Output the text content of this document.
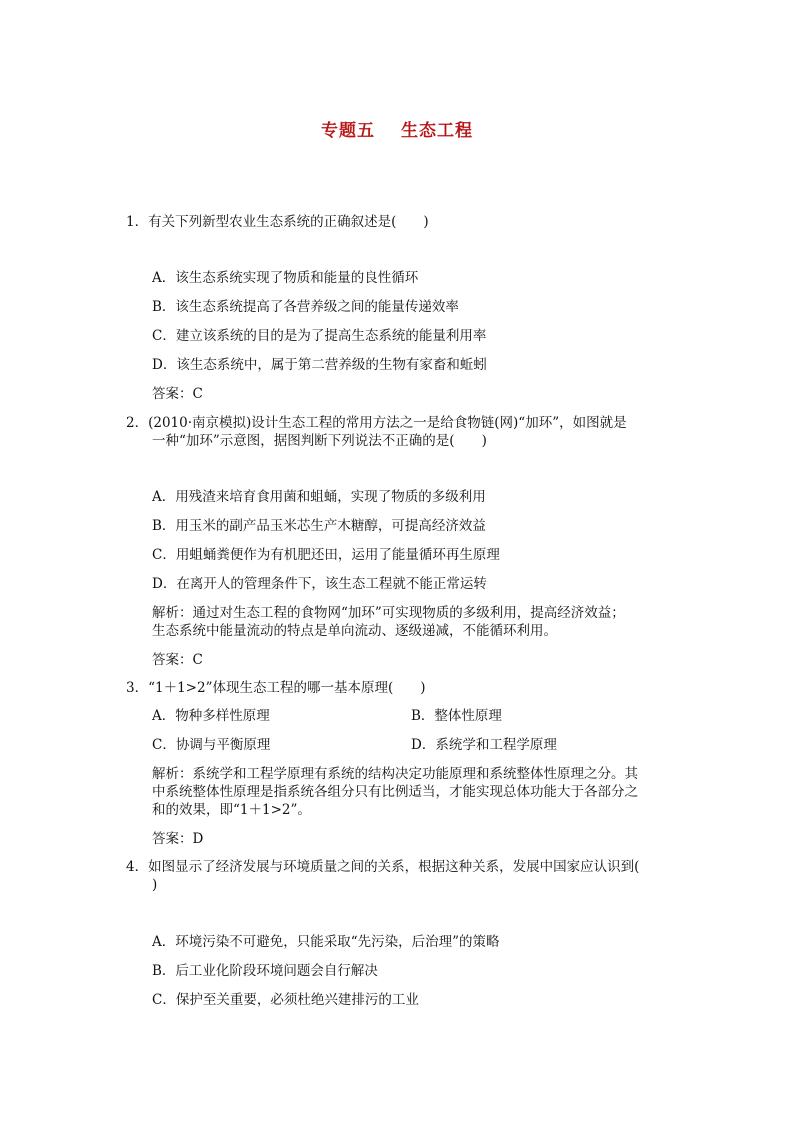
专题五 生态工程
1．有关下列新型农业生态系统的正确叙述是(　　)
A．该生态系统实现了物质和能量的良性循环
B．该生态系统提高了各营养级之间的能量传递效率
C．建立该系统的目的是为了提高生态系统的能量利用率
D．该生态系统中，属于第二营养级的生物有家畜和蚯蚓
答案：C
2．(2010·南京模拟)设计生态工程的常用方法之一是给食物链(网)“加环”，如图就是
一种“加环”示意图，据图判断下列说法不正确的是(　　)
A．用残渣来培育食用菌和蛆蛹，实现了物质的多级利用
B．用玉米的副产品玉米芯生产木糖醇，可提高经济效益
C．用蛆蛹粪便作为有机肥还田，运用了能量循环再生原理
D．在离开人的管理条件下，该生态工程就不能正常运转
解析：通过对生态工程的食物网“加环”可实现物质的多级利用，提高经济效益；
生态系统中能量流动的特点是单向流动、逐级递减，不能循环利用。
答案：C
3．“1＋1>2”体现生态工程的哪一基本原理(　　)
A．物种多样性原理	B．整体性原理
C．协调与平衡原理	D．系统学和工程学原理
解析：系统学和工程学原理有系统的结构决定功能原理和系统整体性原理之分。其
中系统整体性原理是指系统各组分只有比例适当，才能实现总体功能大于各部分之
和的效果，即“1＋1>2”。
答案：D
4．如图显示了经济发展与环境质量之间的关系，根据这种关系，发展中国家应认识到(
)
A．环境污染不可避免，只能采取“先污染，后治理”的策略
B．后工业化阶段环境问题会自行解决
C．保护至关重要，必须杜绝兴建排污的工业
